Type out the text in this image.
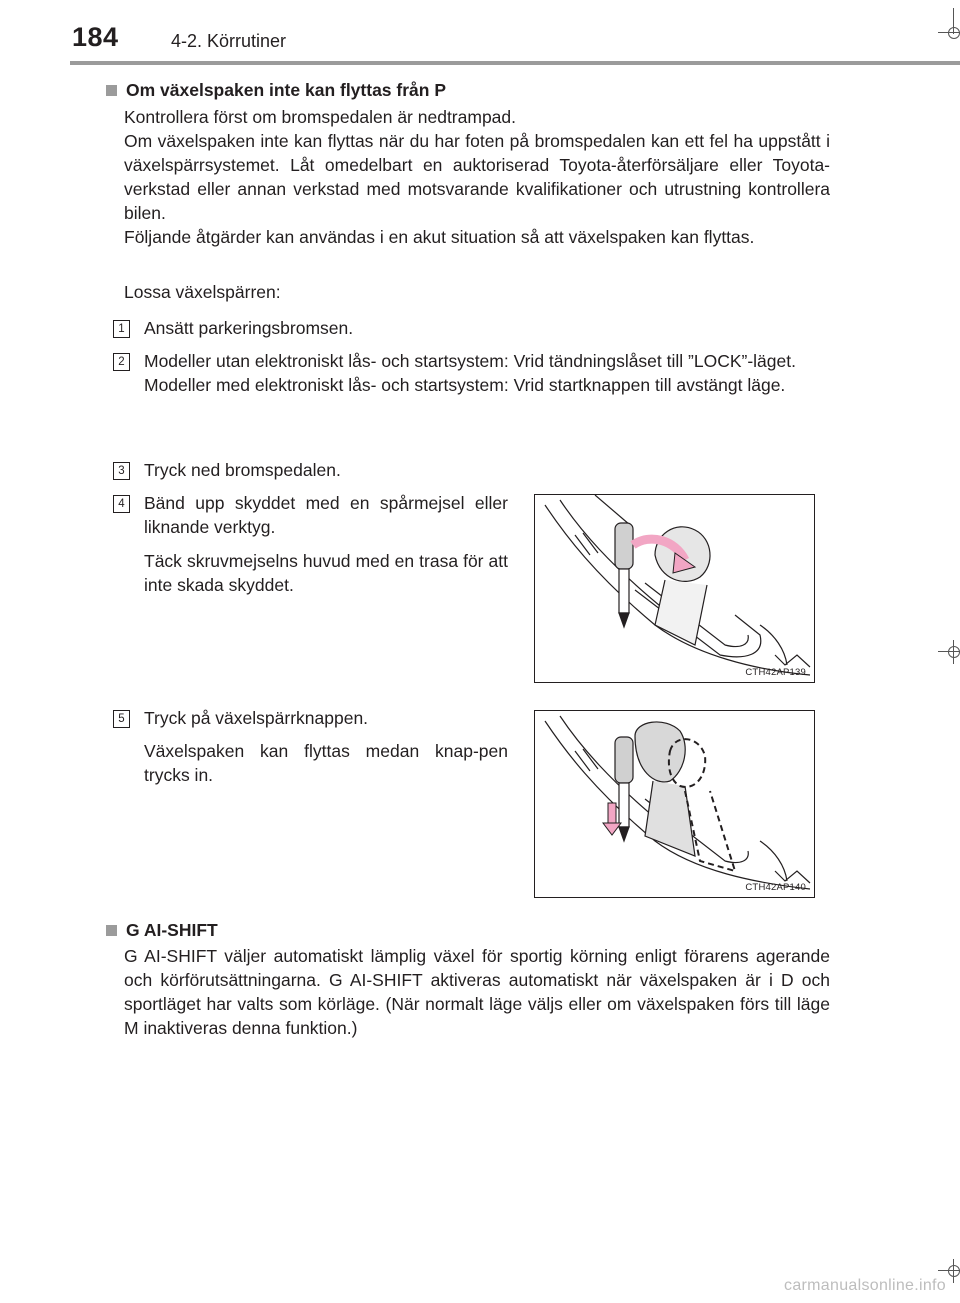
184	4-2. Körrutiner
Om växelspaken inte kan flyttas från P

Kontrollera först om bromspedalen är nedtrampad.

Om växelspaken inte kan flyttas när du har foten på bromspedalen kan ett fel ha uppstått i växelspärrsystemet. Låt omedelbart en auktoriserad Toyota-återförsäljare eller Toyota-verkstad eller annan verkstad med motsvarande kvalifikationer och utrustning kontrollera bilen.

Följande åtgärder kan användas i en akut situation så att växelspaken kan flyttas.

Lossa växelspärren:
1	Ansätt parkeringsbromsen.
2	Modeller utan elektroniskt lås- och startsystem: Vrid tändningslåset till ”LOCK”-läget.
Modeller med elektroniskt lås- och startsystem: Vrid startknappen till avstängt läge.
3	Tryck ned bromspedalen.
4	Bänd upp skyddet med en spårmejsel eller liknande verktyg.
Täck skruvmejselns huvud med en trasa för att inte skada skyddet.
CTH42AP139
5	Tryck på växelspärrknappen.
Växelspaken kan flyttas medan knap-pen trycks in.
CTH42AP140
G AI-SHIFT
G AI-SHIFT väljer automatiskt lämplig växel för sportig körning enligt förarens agerande och körförutsättningarna. G AI-SHIFT aktiveras automatiskt när växelspaken är i D och sportläget har valts som körläge. (När normalt läge väljs eller om växelspaken förs till läge M inaktiveras denna funktion.)
carmanualsonline.info
